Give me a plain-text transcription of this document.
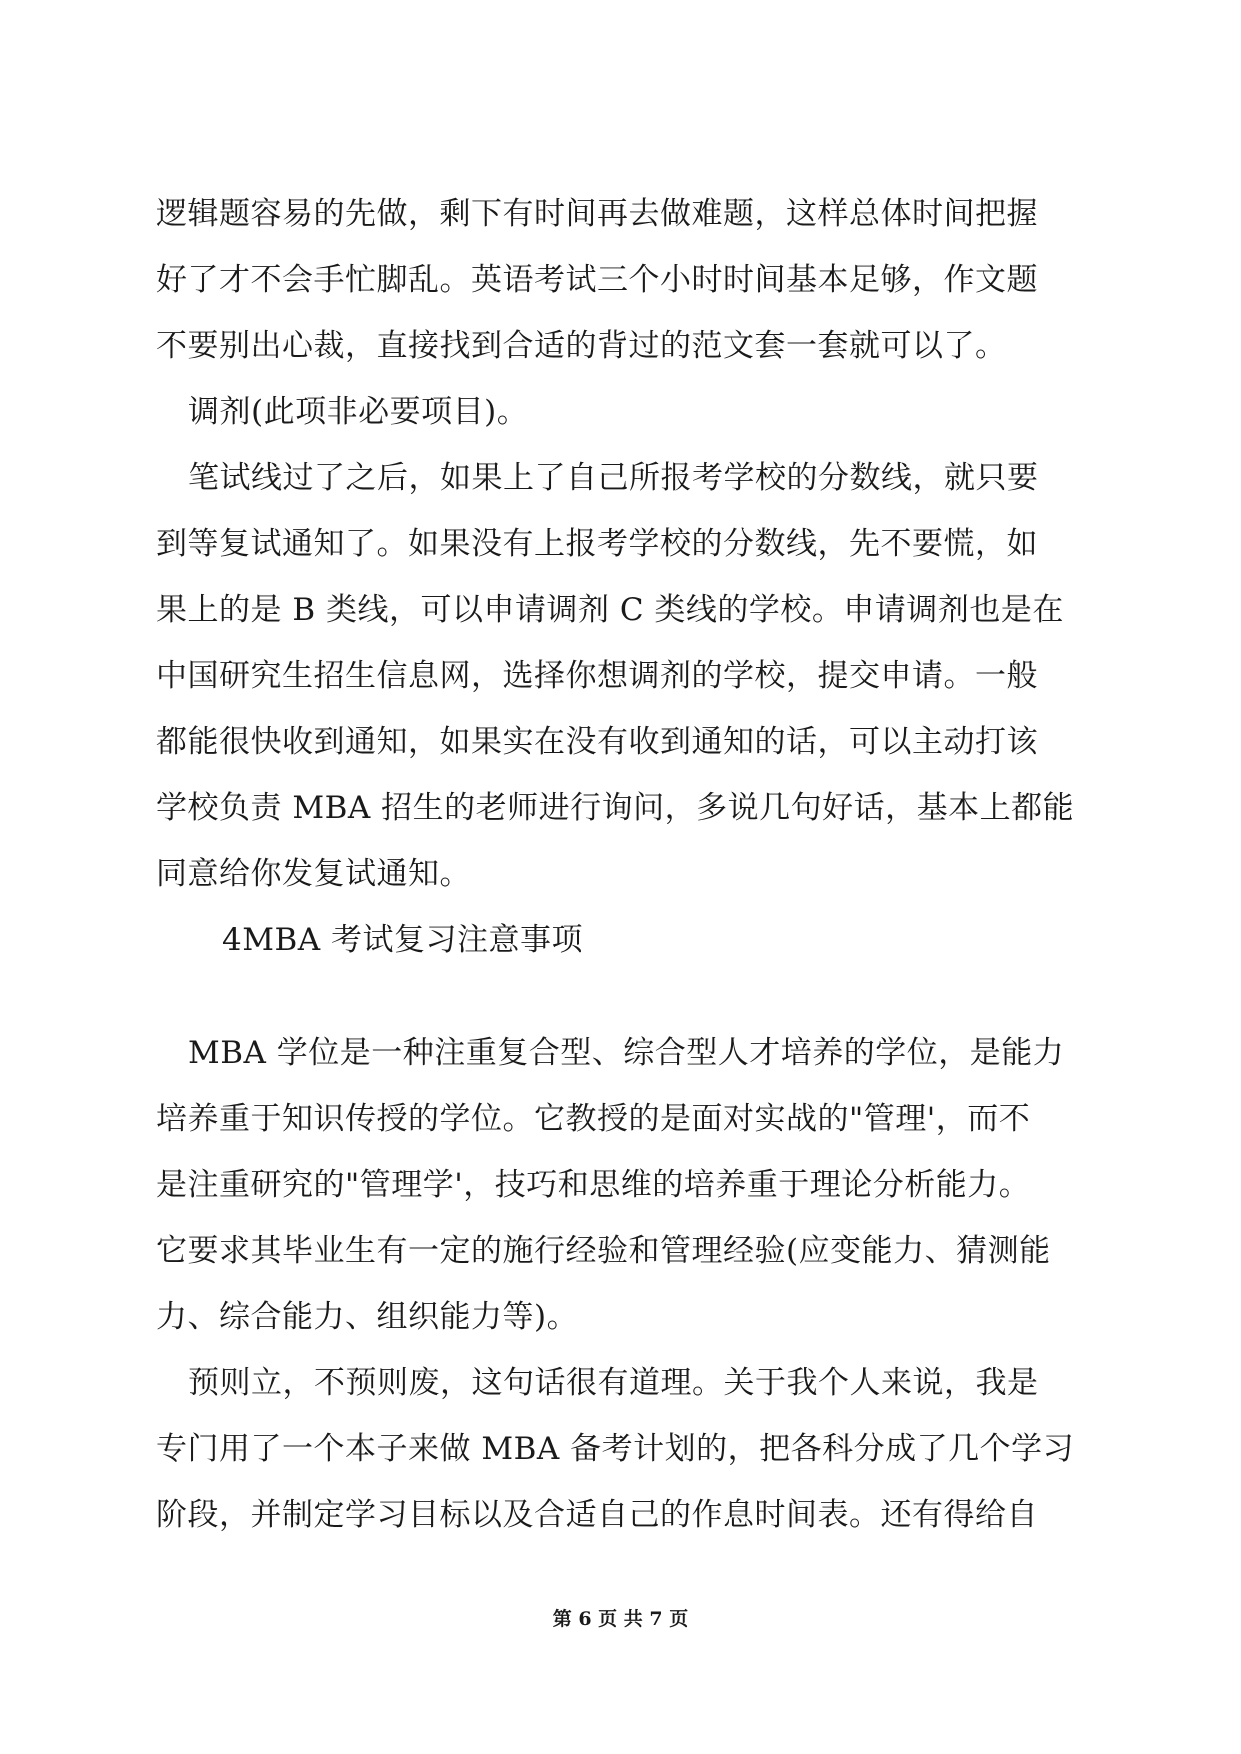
逻辑题容易的先做，剩下有时间再去做难题，这样总体时间把握
好了才不会手忙脚乱。英语考试三个小时时间基本足够，作文题
不要别出心裁，直接找到合适的背过的范文套一套就可以了。
调剂(此项非必要项目)。
笔试线过了之后，如果上了自己所报考学校的分数线，就只要
到等复试通知了。如果没有上报考学校的分数线，先不要慌，如
果上的是 B 类线，可以申请调剂 C 类线的学校。申请调剂也是在
中国研究生招生信息网，选择你想调剂的学校，提交申请。一般
都能很快收到通知，如果实在没有收到通知的话，可以主动打该
学校负责 MBA 招生的老师进行询问，多说几句好话，基本上都能
同意给你发复试通知。
4MBA 考试复习注意事项
MBA 学位是一种注重复合型、综合型人才培养的学位，是能力
培养重于知识传授的学位。它教授的是面对实战的"管理'，而不
是注重研究的"管理学'，技巧和思维的培养重于理论分析能力。
它要求其毕业生有一定的施行经验和管理经验(应变能力、猜测能
力、综合能力、组织能力等)。
预则立，不预则废，这句话很有道理。关于我个人来说，我是
专门用了一个本子来做 MBA 备考计划的，把各科分成了几个学习
阶段，并制定学习目标以及合适自己的作息时间表。还有得给自
第 6 页 共 7 页
